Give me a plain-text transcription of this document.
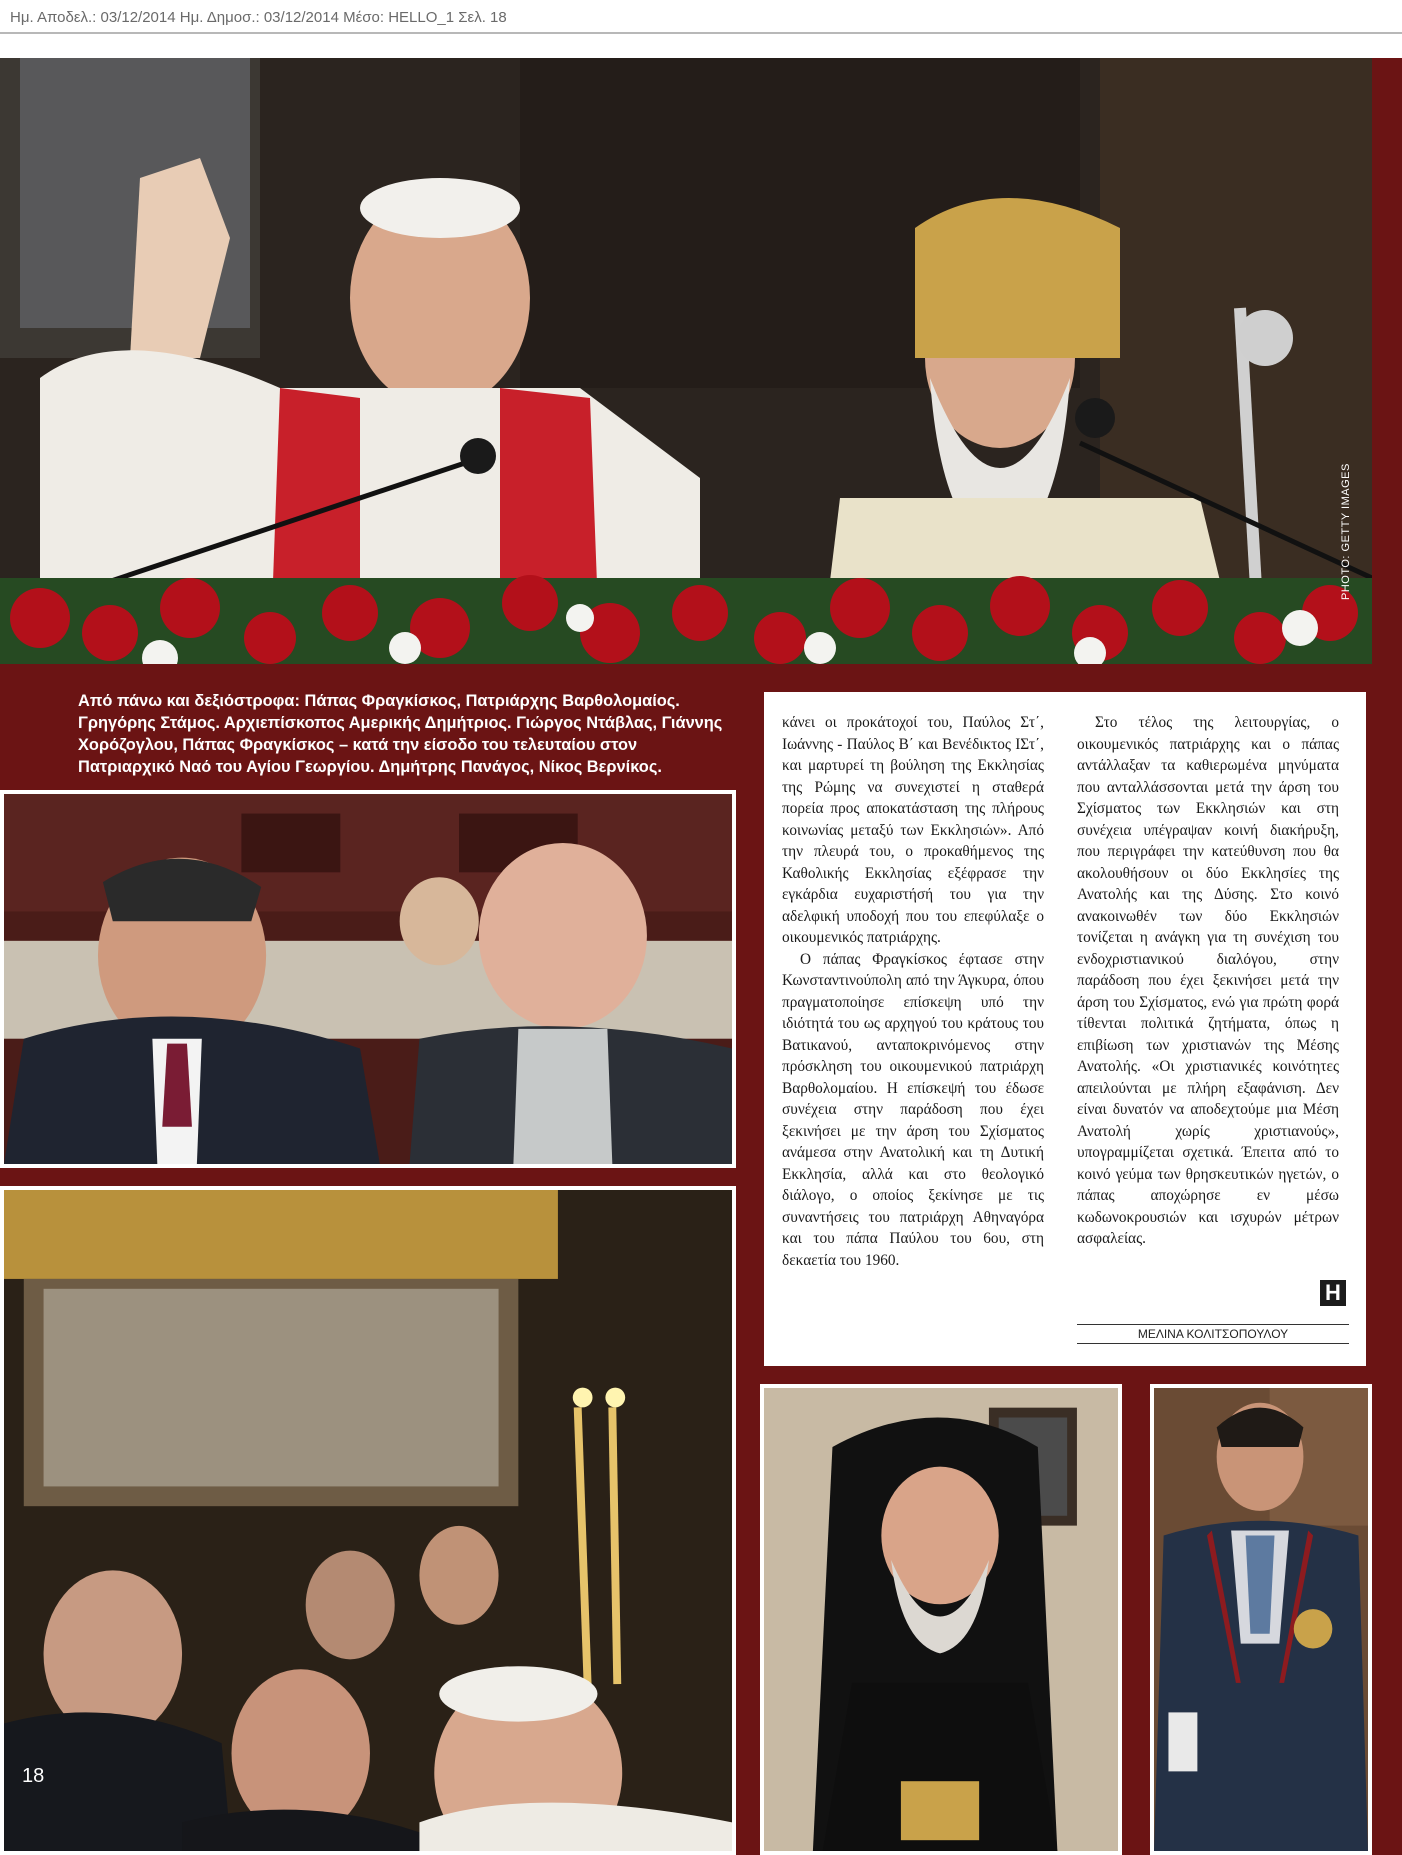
Ημ. Αποδελ.: 03/12/2014 Ημ. Δημοσ.: 03/12/2014 Μέσο: HELLO_1 Σελ. 18
PHOTO: GETTY IMAGES
Από πάνω και δεξιόστροφα: Πάπας Φραγκίσκος, Πατριάρχης Βαρθολομαίος. Γρηγόρης Στάμος. Αρχιεπίσκοπος Αμερικής Δημήτριος. Γιώργος Ντάβλας, Γιάννης Χορόζογλου, Πάπας Φραγκίσκος – κατά την είσοδο του τελευταίου στον Πατριαρχικό Ναό του Αγίου Γεωργίου. Δημήτρης Πανάγος, Νίκος Βερνίκος.

κάνει οι προκάτοχοί του, Παύλος Στ΄, Ιωάννης - Παύλος Β΄ και Βενέδικτος ΙΣτ΄, και μαρτυρεί τη βούληση της Εκκλησίας της Ρώμης να συνεχιστεί η σταθερά πορεία προς αποκατάσταση της πλήρους κοινωνίας μεταξύ των Εκκλησιών». Από την πλευρά του, ο προκαθήμενος της Καθολικής Εκκλησίας εξέφρασε την εγκάρδια ευχαριστήσή του για την αδελφική υποδοχή που του επεφύλαξε ο οικουμενικός πατριάρχης.

Ο πάπας Φραγκίσκος έφτασε στην Κωνσταντινούπολη από την Άγκυρα, όπου πραγματοποίησε επίσκεψη υπό την ιδιότητά του ως αρχηγού του κράτους του Βατικανού, ανταποκρινόμενος στην πρόσκληση του οικουμενικού πατριάρχη Βαρθολομαίου. Η επίσκεψή του έδωσε συνέχεια στην παράδοση που έχει ξεκινήσει με την άρση του Σχίσματος ανάμεσα στην Ανατολική και τη Δυτική Εκκλησία, αλλά και στο θεολογικό διάλογο, ο οποίος ξεκίνησε με τις συναντήσεις του πατριάρχη Αθηναγόρα και του πάπα Παύλου του 6ου, στη δεκαετία του 1960.

Στο τέλος της λειτουργίας, ο οικουμενικός πατριάρχης και ο πάπας αντάλλαξαν τα καθιερωμένα μηνύματα που ανταλλάσσονται μετά την άρση του Σχίσματος των Εκκλησιών και στη συνέχεια υπέγραψαν κοινή διακήρυξη, που περιγράφει την κατεύθυνση που θα ακολουθήσουν οι δύο Εκκλησίες της Ανατολής και της Δύσης. Στο κοινό ανακοινωθέν των δύο Εκκλησιών τονίζεται η ανάγκη για τη συνέχιση του ενδοχριστιανικού διαλόγου, στην παράδοση που έχει ξεκινήσει μετά την άρση του Σχίσματος, ενώ για πρώτη φορά τίθενται πολιτικά ζητήματα, όπως η επιβίωση των χριστιανών της Μέσης Ανατολής. «Οι χριστιανικές κοινότητες απειλούνται με πλήρη εξαφάνιση. Δεν είναι δυνατόν να αποδεχτούμε μια Μέση Ανατολή χωρίς χριστιανούς», υπογραμμίζεται σχετικά. Έπειτα από το κοινό γεύμα των θρησκευτικών ηγετών, ο πάπας αποχώρησε εν μέσω κωδωνοκρουσιών και ισχυρών μέτρων ασφαλείας.

H
ΜΕΛΙΝΑ ΚΟΛΙΤΣΟΠΟΥΛΟΥ
18
